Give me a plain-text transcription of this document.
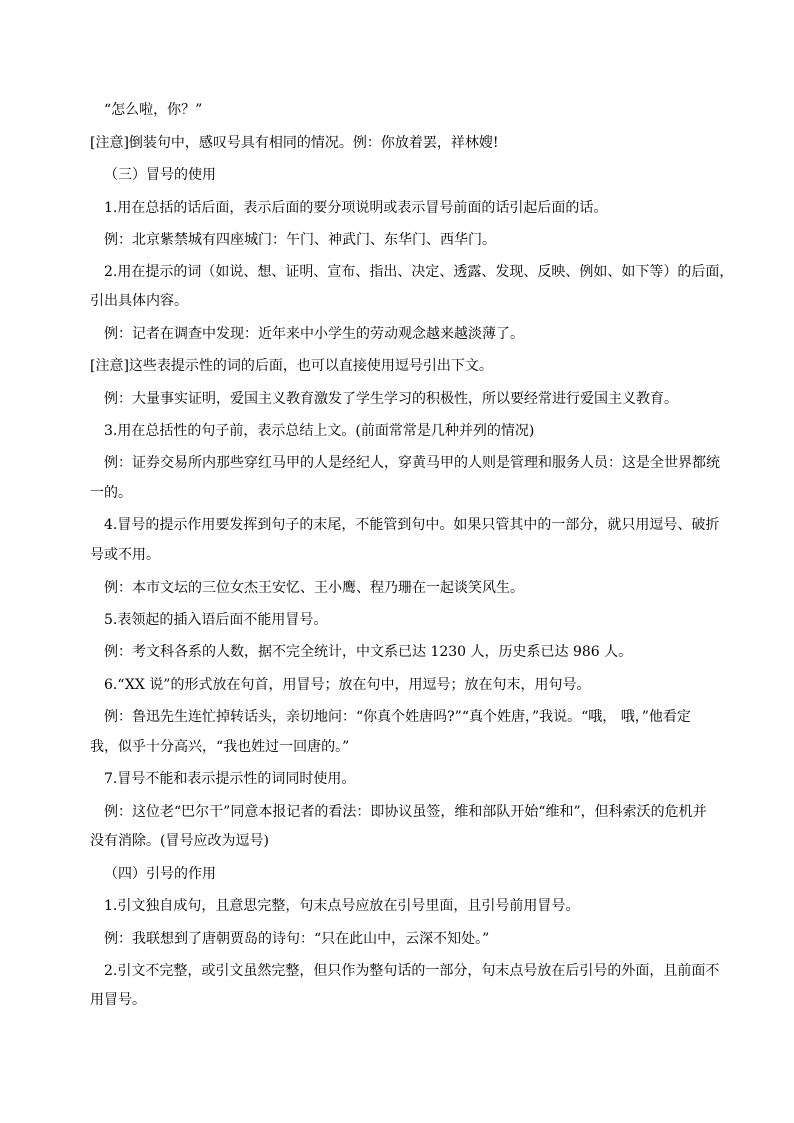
“怎么啦，你？”
[注意]倒装句中，感叹号具有相同的情况。例：你放着罢，祥林嫂!
（三）冒号的使用
1.用在总括的话后面，表示后面的要分项说明或表示冒号前面的话引起后面的话。
例：北京紫禁城有四座城门：午门、神武门、东华门、西华门。
2.用在提示的词（如说、想、证明、宣布、指出、决定、透露、发现、反映、例如、如下等）的后面，
引出具体内容。
例：记者在调查中发现：近年来中小学生的劳动观念越来越淡薄了。
[注意]这些表提示性的词的后面，也可以直接使用逗号引出下文。
例：大量事实证明，爱国主义教育激发了学生学习的积极性，所以要经常进行爱国主义教育。
3.用在总括性的句子前，表示总结上文。(前面常常是几种并列的情况)
例：证券交易所内那些穿红马甲的人是经纪人，穿黄马甲的人则是管理和服务人员：这是全世界都统
一的。
4.冒号的提示作用要发挥到句子的末尾，不能管到句中。如果只管其中的一部分，就只用逗号、破折
号或不用。
例：本市文坛的三位女杰王安忆、王小鹰、程乃珊在一起谈笑风生。
5.表领起的插入语后面不能用冒号。
例：考文科各系的人数，据不完全统计，中文系已达 1230 人，历史系已达 986 人。
6.“XX 说”的形式放在句首，用冒号；放在句中，用逗号；放在句末，用句号。
例：鲁迅先生连忙掉转话头，亲切地问：“你真个姓唐吗?”“真个姓唐，”我说。“哦， 哦，”他看定
我，似乎十分高兴，“我也姓过一回唐的。”
7.冒号不能和表示提示性的词同时使用。
例：这位老“巴尔干”同意本报记者的看法：即协议虽签，维和部队开始“维和”，但科索沃的危机并
没有消除。(冒号应改为逗号)
（四）引号的作用
1.引文独自成句，且意思完整，句末点号应放在引号里面，且引号前用冒号。
例：我联想到了唐朝贾岛的诗句：“只在此山中，云深不知处。”
2.引文不完整，或引文虽然完整，但只作为整句话的一部分，句末点号放在后引号的外面，且前面不
用冒号。
